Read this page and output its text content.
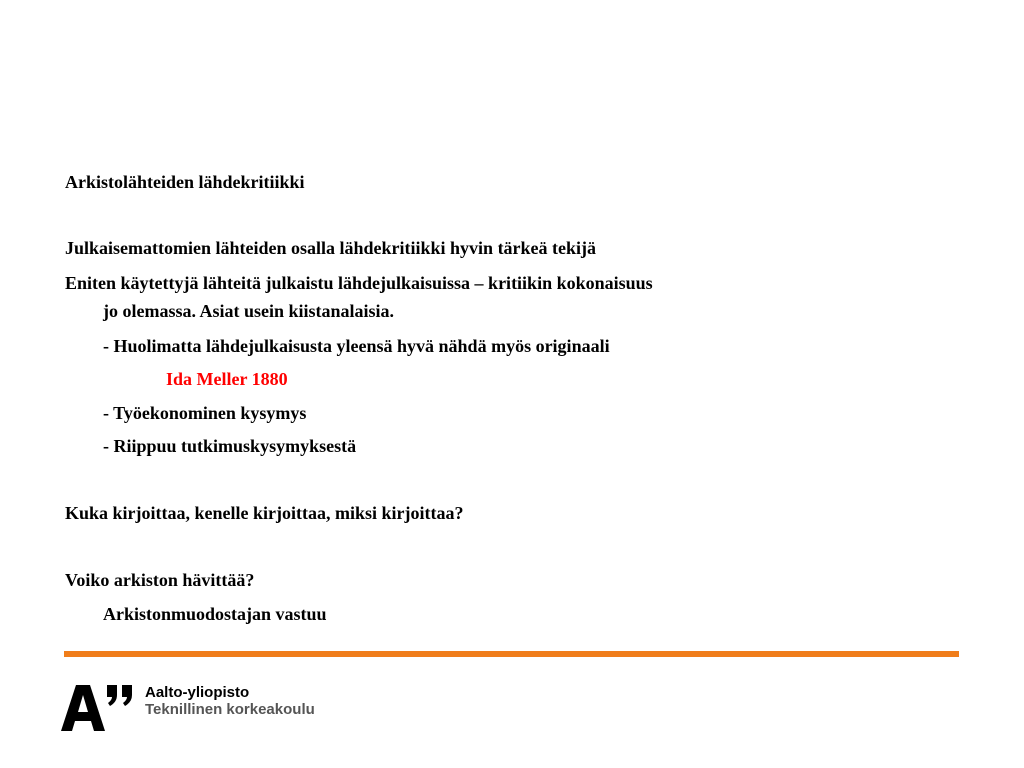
Arkistolähteiden lähdekritiikki
Julkaisemattomien lähteiden osalla lähdekritiikki hyvin tärkeä tekijä
Eniten käytettyjä lähteitä julkaistu lähdejulkaisuissa – kritiikin kokonaisuus
jo olemassa. Asiat usein kiistanalaisia.
- Huolimatta lähdejulkaisusta yleensä hyvä nähdä myös originaali
Ida Meller 1880
- Työekonominen kysymys
- Riippuu tutkimuskysymyksestä
Kuka kirjoittaa, kenelle kirjoittaa, miksi kirjoittaa?
Voiko arkiston hävittää?
Arkistonmuodostajan vastuu
Aalto-yliopisto
Teknillinen korkeakoulu
